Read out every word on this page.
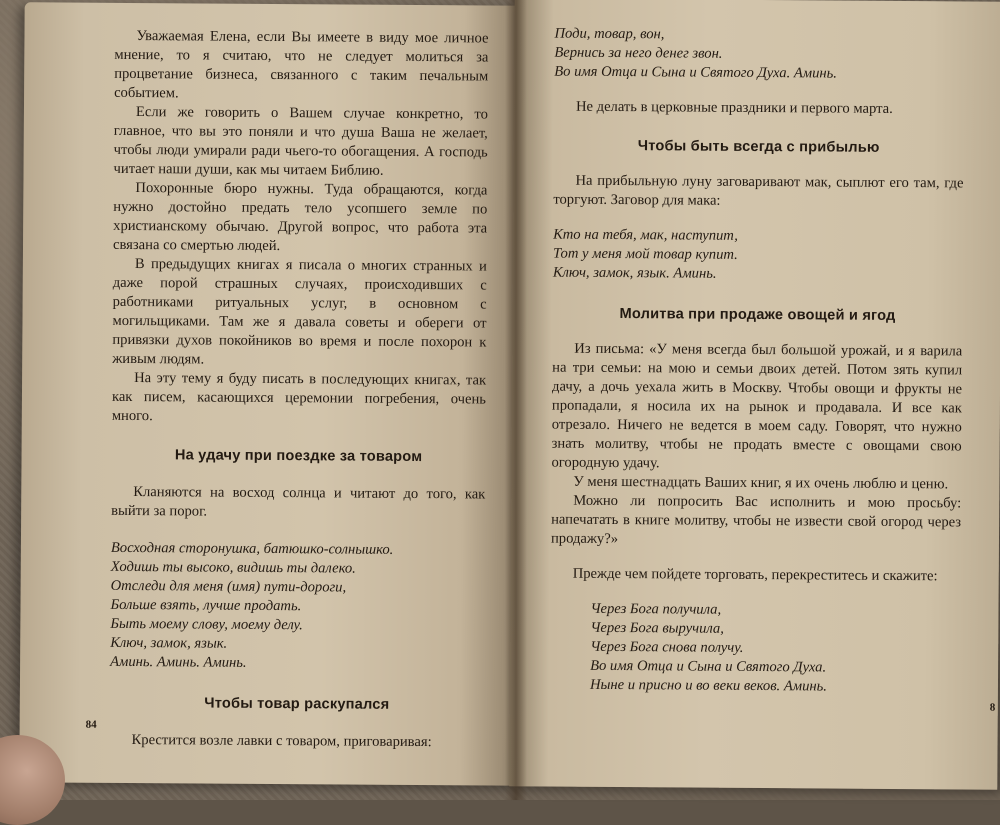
Уважаемая Елена, если Вы имеете в виду мое личное мнение, то я считаю, что не следует молиться за процветание бизнеса, связанного с таким печальным событием.

Если же говорить о Вашем случае конкретно, то главное, что вы это поняли и что душа Ваша не желает, чтобы люди умирали ради чьего-то обогащения. А господь читает наши души, как мы читаем Библию.

Похоронные бюро нужны. Туда обращаются, когда нужно достойно предать тело усопшего земле по христианскому обычаю. Другой вопрос, что работа эта связана со смертью людей.

В предыдущих книгах я писала о многих странных и даже порой страшных случаях, происходивших с работниками ритуальных услуг, в основном с могильщиками. Там же я давала советы и обереги от привязки духов покойников во время и после похорон к живым людям.

На эту тему я буду писать в последующих книгах, так как писем, касающихся церемонии погребения, очень много.

На удачу при поездке за товаром

Кланяются на восход солнца и читают до того, как выйти за порог.

Восходная сторонушка, батюшко-солнышко.
Ходишь ты высоко, видишь ты далеко.
Отследи для меня (имя) пути-дороги,
Больше взять, лучше продать.
Быть моему слову, моему делу.
Ключ, замок, язык.
Аминь. Аминь. Аминь.
Чтобы товар раскупался

Крестится возле лавки с товаром, приговаривая:

84
Поди, товар, вон,
Вернись за него денег звон.
Во имя Отца и Сына и Святого Духа. Аминь.

Не делать в церковные праздники и первого марта.

Чтобы быть всегда с прибылью

На прибыльную луну заговаривают мак, сыплют его там, где торгуют. Заговор для мака:

Кто на тебя, мак, наступит,
Тот у меня мой товар купит.
Ключ, замок, язык. Аминь.
Молитва при продаже овощей и ягод

Из письма: «У меня всегда был большой урожай, и я варила на три семьи: на мою и семьи двоих детей. Потом зять купил дачу, а дочь уехала жить в Москву. Чтобы овощи и фрукты не пропадали, я носила их на рынок и продавала. И все как отрезало. Ничего не ведется в моем саду. Говорят, что нужно знать молитву, чтобы не продать вместе с овощами свою огородную удачу.

У меня шестнадцать Ваших книг, я их очень люблю и ценю.

Можно ли попросить Вас исполнить и мою просьбу: напечатать в книге молитву, чтобы не извести свой огород через продажу?»

Прежде чем пойдете торговать, перекреститесь и скажите:

Через Бога получила,
Через Бога выручила,
Через Бога снова получу.
Во имя Отца и Сына и Святого Духа.
Ныне и присно и во веки веков. Аминь.
8
